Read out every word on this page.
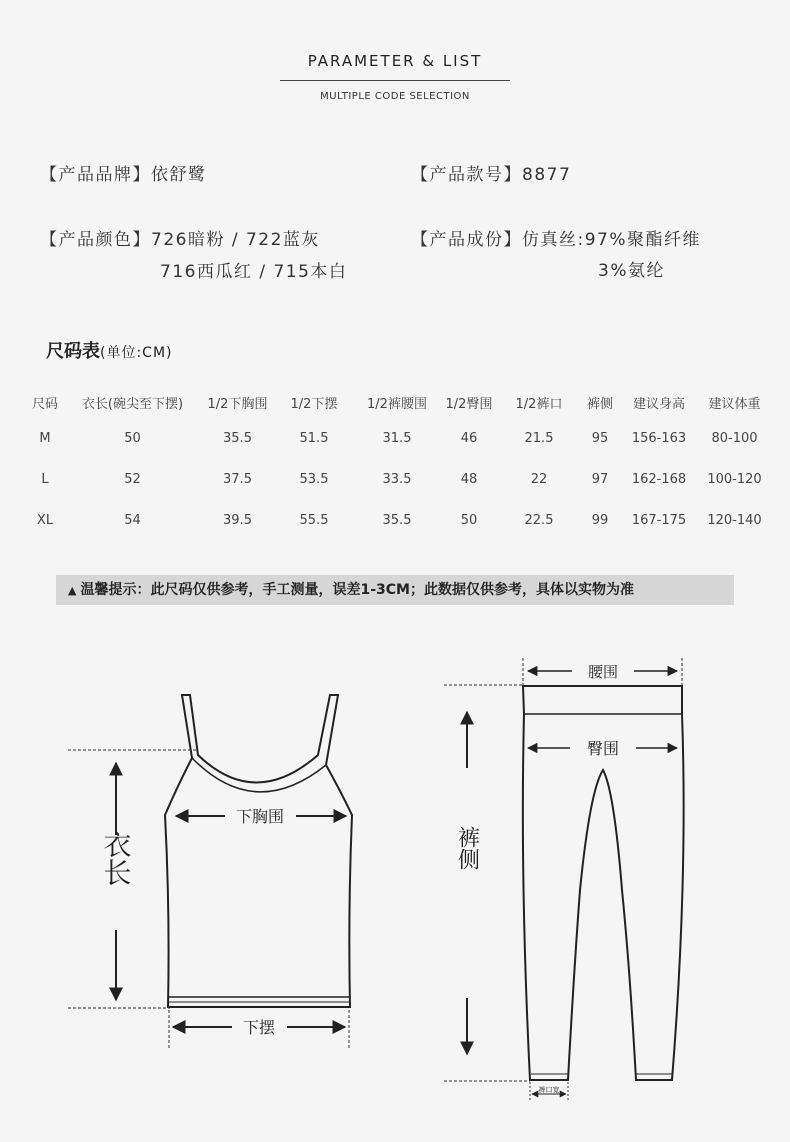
PARAMETER & LIST
MULTIPLE CODE SELECTION
【产品品牌】依舒鹭	【产品款号】8877
【产品颜色】726暗粉 / 722蓝灰
716西瓜红 / 715本白
【产品成份】仿真丝:97%聚酯纤维
3%氨纶
尺码表(单位:CM)
尺码	衣长(碗尖至下摆)	1/2下胸围	1/2下摆	1/2裤腰围	1/2臀围	1/2裤口	裤侧	建议身高	建议体重
M	50	35.5	51.5	31.5	46	21.5	95	156-163	80-100
L	52	37.5	53.5	33.5	48	22	97	162-168	100-120
XL	54	39.5	55.5	35.5	50	22.5	99	167-175	120-140
▲ 温馨提示：此尺码仅供参考，手工测量，误差1-3CM；此数据仅供参考，具体以实物为准
衣长
下胸围
下摆
腰围
臀围
裤侧
裤口宽
